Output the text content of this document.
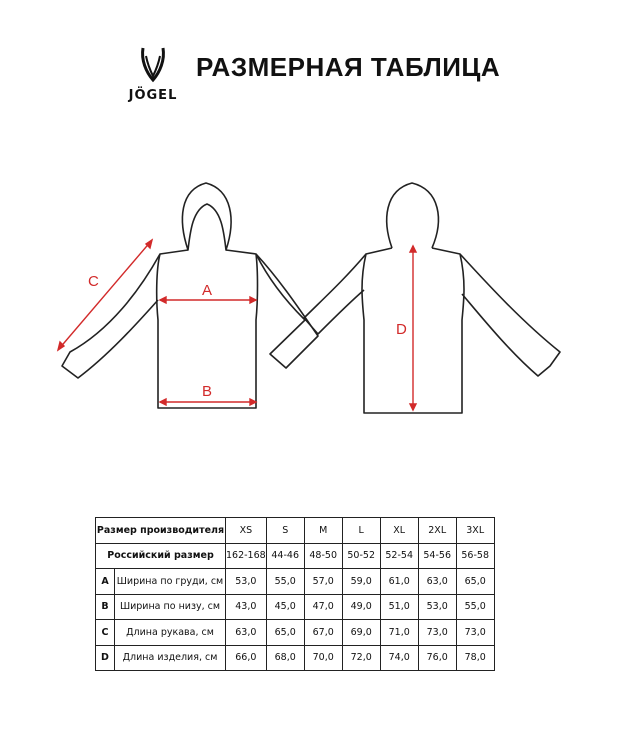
JÖGEL
РАЗМЕРНАЯ ТАБЛИЦА
A
B
C
D
Размер производителя		XS	S	M	L	XL	2XL	3XL
Российский размер		162-168	44-46	48-50	50-52	52-54	54-56	56-58
A	Ширина по груди, см	53,0	55,0	57,0	59,0	61,0	63,0	65,0
B	Ширина по низу, см	43,0	45,0	47,0	49,0	51,0	53,0	55,0
C	Длина рукава, см	63,0	65,0	67,0	69,0	71,0	73,0	73,0
D	Длина изделия, см	66,0	68,0	70,0	72,0	74,0	76,0	78,0
